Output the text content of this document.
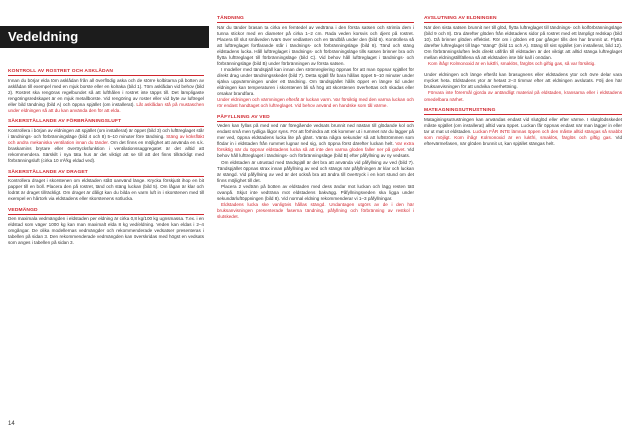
Vedeldning
KONTROLL AV ROSTRET OCH ASKLÅDAN

Innan du börjar elda töm asklådan från all överflödig aska och de större kolbitarna på botten av asklådan till exempel med en mjuk borste eller en kolraka (bild 1). Töm asklådan vid behov (bild 2). Rostret ska rengöras regelbundet så att lufthålen i rostret inte täpps till. Det lämpligaste rengöringsredskapet är en mjuk metallborste. Vid rengöring av roster eller vid byte av luftregel eller bild tändning (bild A) och öppna spjället (om installerat). Låt asklådan stå på mustaschen under eldningen så att du kan använda den för att elda.

SÄKERSTÄLLANDE AV FÖRBRÄNNINGSLUFT

Kontrollera i början av eldningen att spjället (om installerat) är öppet (bild 3) och lufttreglaget står i tändnings- och förbränningsläge (bild 4 och 8) 5–10 minuter före tändning. Stäng av köksfläkt och andra mekaniska ventilation innan du tänder. Om det finns en möjlighet att använda en s.k. braskamins brytare eller övertrycksfunktion i ventilationssaggregatet är det alltid att rekommendera. Särskilt i nya täta hus är det viktigt att se till att det finns tillräckligt med förbränningsluft (cirka 10 m³/kg eldad ved).

SÄKERSTÄLLANDE AV DRAGET

Kontrollera draget i skorstenen om eldstaden stått oanvänd länge. Krycka förskjutit ihop en bit papper till en boll. Placera den på rostret, tänd och stäng luckan (bild 5). Om lågan är klar och lodrät är draget tillräckligt. Om draget är dåligt kan du bilda en varm luft in i skorstenen med till exempel en hårtork via eldstadens eller skorstenens sotlucka.

VEDMÄNGD

Den maximala vedmängden i eldstaden per eldning är cirka 0,8 kg/100 kg ugnsmassa. T.ex. i en eldstad som väger 1000 kg kan man maximalt elda 8 kg ved/eldning. Veden kan eldas i 2–4 omgångar. De olika modellernas vedmängder och rekommenderade vedsatser presenteras i tabellen på sidan 3. Den rekommenderade vedmängden kan överskridas med högst en vedsats som anges i tabellen på sidan 3.

TÄNDNING

När du tänder brasan ta cirka en femtedel av vedträna i den första satsen och strimla dem i tunna stickor med en diameter på cirka 1–2 cm. Rada veden korsvis och djent på rostret. Placera till slut småveden tvärs över vedlasten och en tändblå under den (bild 6). Kontrollera så att lufttreglaget fortfarande står i tändnings- och förbränningsläge (bild 8). Tänd och stäng eldstadens lucka. Håll lufttreglaget i tändnings- och förbränningsläge tills satsen brinner bra och flytta lufttreglaget till förbränningsläge (bild C). Vid behov håll lufttreglaget i tändnings- och förbränningsläge (bild B) under förbränningen av första satsen.

I modeller med tändspjäll kan innan den strömreglering öppnas för att man öppnar spjället för direkt drag under tändningsskedet (bild 7). Detta spjäll får bara hållas öppet 5–10 minuter under själva uppvärmningen under ett tändning. Om tändspjället hålls öppet en längre tid under eldningen kan temperaturen i skorstenen bli så hög att skorstenen överhettas och skadas eller orsakar brandfara.

Under eldningen och värmningen efteråt är luckan varm. Var försiktig med den varma luckan och rör endast handtaget och luftreglaget. Vid behov använd en handske som tål värme.

PÅFYLLNING AV VED

Veden kan fyllas på med ved när föregående vedsats brunnit ned nästan till glödande kol och endast små men tydliga lågor syns. För att förhindra att rök kommer ut i rummet när du lägger på mer ved, öppna eldstadens lucka lite på glänt. Vänta några sekunder så att luftströmmen som flödar in i eldstaden från rummet lugnar ned sig, och öppna först därefter luckan helt. Var extra försiktig när du öppnar eldstadens lucka så att inte den varma gloden faller ner på golvet. Vid behov håll lufttreglaget i tändnings- och förbränningsläge (bild B) efter påfyllning av ny vedsats.

Om eldstaden är utrustad med tändspjäll är det bra att använda vid påfyllning av ved (bild 7). Tändspjället öppnas strax innan påfyllning av ved och stängs när påfyllningen är klar och luckan är stängd. Vid påfyllning av ved är det också bra att ändra till övertryck i en kort stund om det finns möjlighet till det.

Placera 2 vedträn på botten av eldstaden med dess ändar mot luckan och lägg resten tätt ovanpå. Skjut inte vedträna mot eldstadens bakvägg. Påfyllningsveden ska ligga under sekundärluftöppningen (bild 8). Vid normal eldning rekommenderar vi 1–3 påfyllningar.

Eldstadens lucka ske vanligtvis hållas stängd. Undantagen utgörs av de i den här bruksanvisningen presenterade faserna tändning, påfyllning och förbränning av restkol i slutskedet.

AVSLUTNING AV ELDNINGEN

När den sista satsen brunnit ner till glöd, flytta luftreglaget till tändnings- och kolförbränningsläge (bild 9 och 8). Dra därefter glöden från eldstadens sidor på rostret med ett lämpligt redskap (bild 10). Då brinner glöden effektivt. Rör om i glöden ett par gånger tills den har brunnit ut. Flytta därefter luftreglaget till läge "stängt" (bild 11 och A). Stäng till sist spjället (om installerat, bild 12). Om förbränningsluften leds direkt utifrån till eldstaden är det viktigt att alltid stänga luftreglaget mellan eldningstillfällena så att eldstaden inte blir kall i onödan.

Kom ihåg! Kolmonoxid är en luktfri, smaklös, färglös och giftig gas, så var försiktig.

Under eldningen och länge efteråt kan brasugnens eller eldstadens ytor och övre delar vara mycket heta. Eldstadens ytor är hetast 2–3 timmar efter att eldningen avslutats. Följ den här bruksanvisningen för att undvika överhettning.

Förvara inte förermål gjorda av antändligt material på eldstaden, kransarna eller i eldstadens omedelbara närhet.

MATEAGNINGSUTRUSTNING

Mataginingsutrustningen kan användas endast vid slutglöd eller efter värme. I slutglödsskedet måste spjället (om installerat) alltid vara öppet. Luckan får öppnas endast när man lägger in eller tar ut mat ut eldstaden. Luckan FÅR INTE lämnas öppen och den måste alltid stängas så snabbt som möjligt. Kom ihåg! Kolmonoxid är en luktfri, smaklös, färglös och giftig gas. Vid eftervärmefasen, när glöden brunnit ut, kan spjället stängas helt.

14
